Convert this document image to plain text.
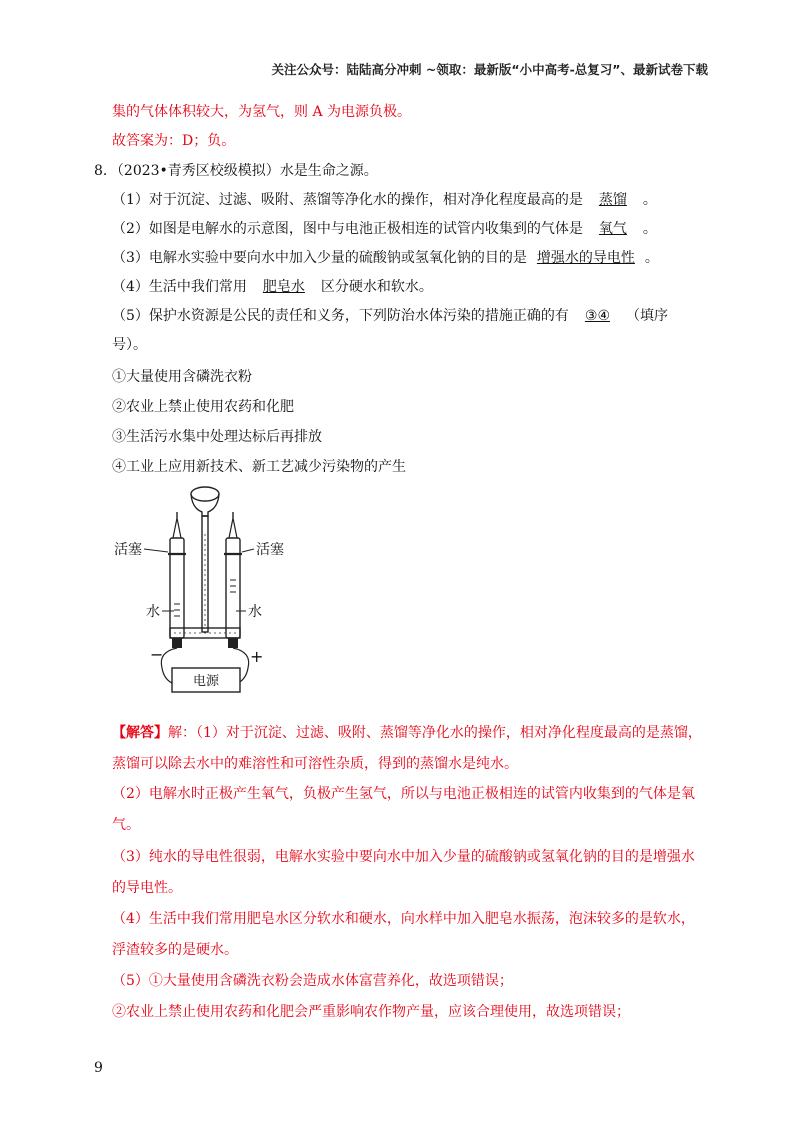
关注公众号：陆陆高分冲刺 ~领取：最新版“小中高考-总复习”、最新试卷下载
集的气体体积较大，为氢气，则 A 为电源负极。
故答案为：D；负。
8．（2023•青秀区校级模拟）水是生命之源。
（1）对于沉淀、过滤、吸附、蒸馏等净化水的操作，相对净化程度最高的是 蒸馏 。
（2）如图是电解水的示意图，图中与电池正极相连的试管内收集到的气体是 氧气 。
（3）电解水实验中要向水中加入少量的硫酸钠或氢氧化钠的目的是 增强水的导电性 。
（4）生活中我们常用 肥皂水 区分硬水和软水。
（5）保护水资源是公民的责任和义务，下列防治水体污染的措施正确的有 ③④ （填序
号）。
①大量使用含磷洗衣粉
②农业上禁止使用农药和化肥
③生活污水集中处理达标后再排放
④工业上应用新技术、新工艺减少污染物的产生
电源
活塞	活塞
水	水
−	+
【解答】解：（1）对于沉淀、过滤、吸附、蒸馏等净化水的操作，相对净化程度最高的是蒸馏，
蒸馏可以除去水中的难溶性和可溶性杂质，得到的蒸馏水是纯水。
（2）电解水时正极产生氧气，负极产生氢气，所以与电池正极相连的试管内收集到的气体是氧
气。
（3）纯水的导电性很弱，电解水实验中要向水中加入少量的硫酸钠或氢氧化钠的目的是增强水
的导电性。
（4）生活中我们常用肥皂水区分软水和硬水，向水样中加入肥皂水振荡，泡沫较多的是软水，
浮渣较多的是硬水。
（5）①大量使用含磷洗衣粉会造成水体富营养化，故选项错误；
②农业上禁止使用农药和化肥会严重影响农作物产量，应该合理使用，故选项错误；
9
